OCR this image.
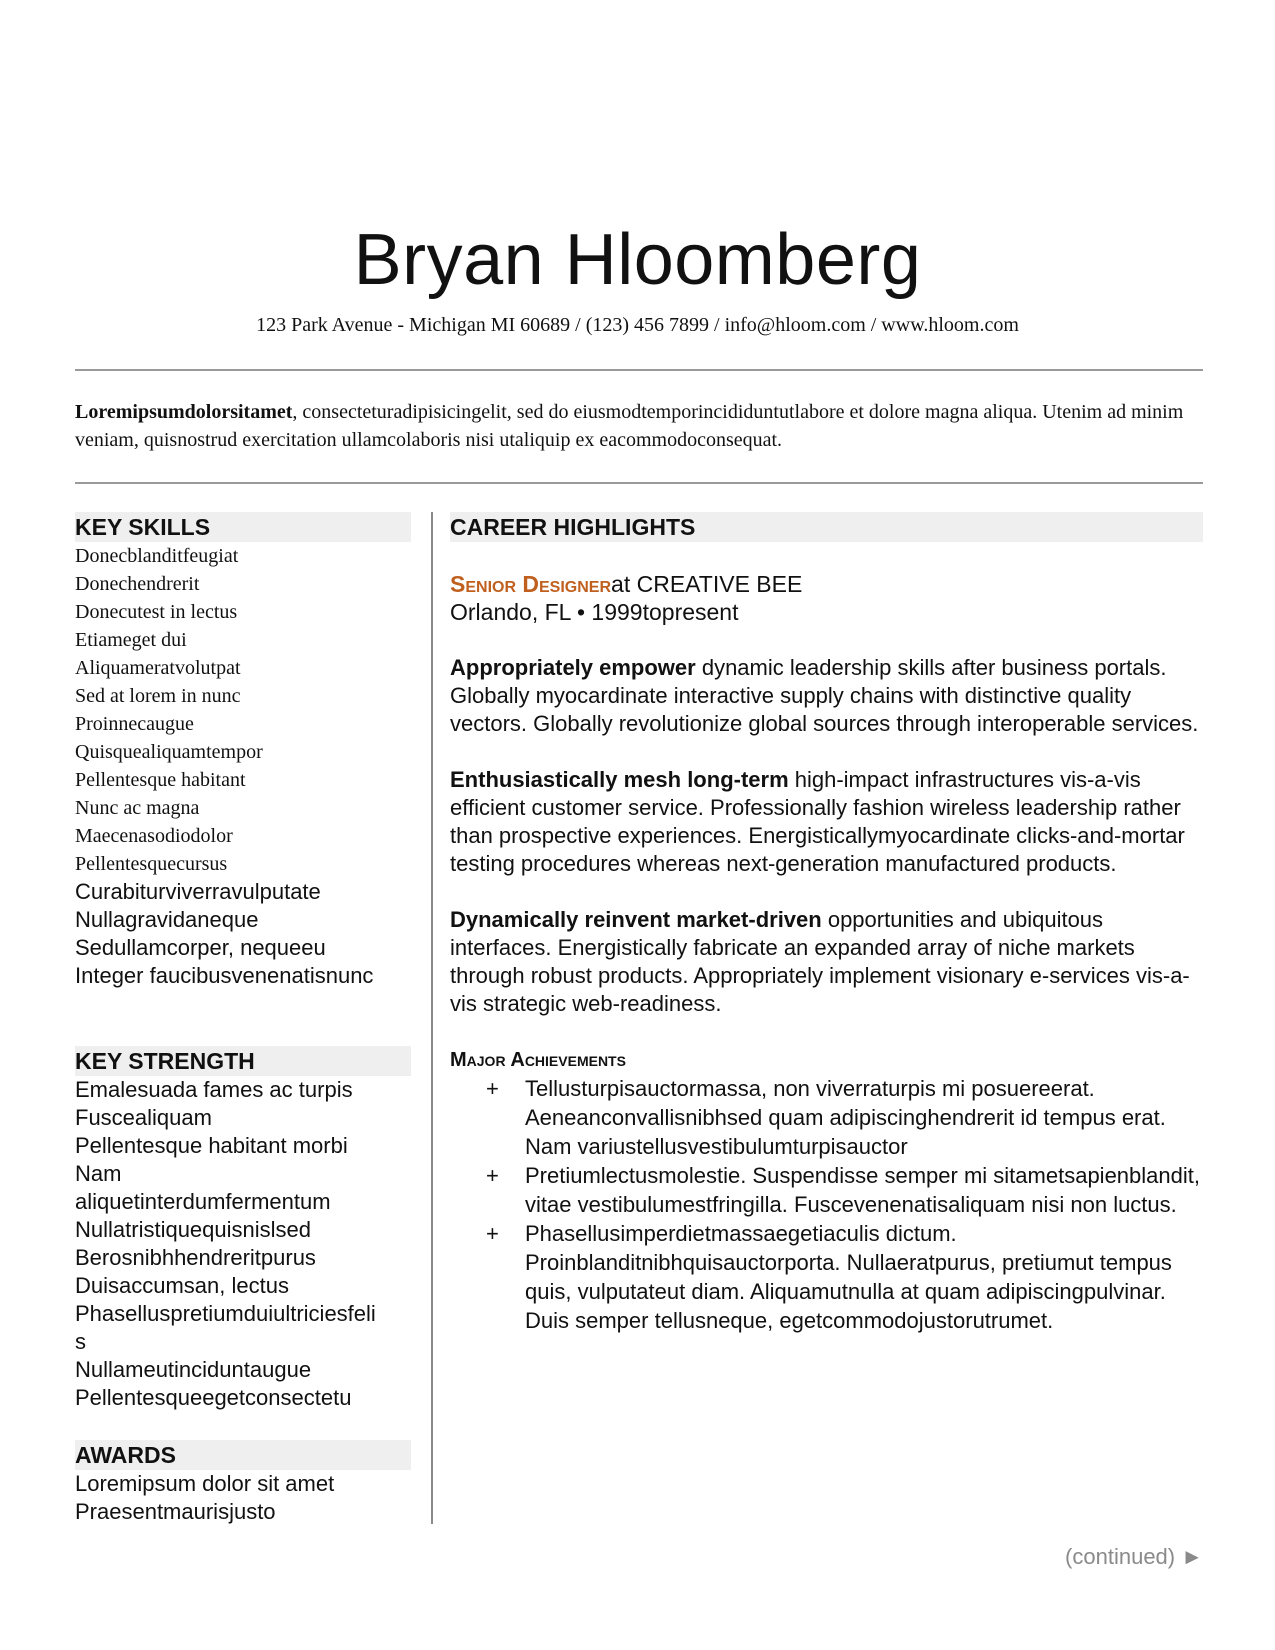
Bryan Hloomberg
123 Park Avenue - Michigan MI 60689 / (123) 456 7899 / info@hloom.com / www.hloom.com
Loremipsumdolorsitamet, consecteturadipisicingelit, sed do eiusmodtemporincididuntutlabore et dolore magna aliqua. Utenim ad minim veniam, quisnostrud exercitation ullamcolaboris nisi utaliquip ex eacommodoconsequat.
KEY SKILLS
Donecblanditfeugiat
Donechendrerit
Donecutest in lectus
Etiameget dui
Aliquameratvolutpat
Sed at lorem in nunc
Proinnecaugue
Quisquealiquamtempor
Pellentesque habitant
Nunc ac magna
Maecenasodiodolor
Pellentesquecursus
Curabiturviverravulputate
Nullagravidaneque
Sedullamcorper, nequeeu
Integer faucibusvenenatisnunc
KEY STRENGTH
Emalesuada fames ac turpis
Fuscealiquam
Pellentesque habitant morbi
Nam
aliquetinterdumfermentum
Nullatristiquequisnislsed
Berosnibhhendreritpurus
Duisaccumsan, lectus
Phaselluspretiumduiultriciesfeli
s
Nullameutinciduntaugue
Pellentesqueegetconsectetu
AWARDS
Loremipsum dolor sit amet
Praesentmaurisjusto
CAREER HIGHLIGHTS
Senior Designerat CREATIVE BEE
Orlando, FL • 1999topresent
Appropriately empower dynamic leadership skills after business portals. Globally myocardinate interactive supply chains with distinctive quality vectors. Globally revolutionize global sources through interoperable services.
Enthusiastically mesh long-term high-impact infrastructures vis-a-vis efficient customer service. Professionally fashion wireless leadership rather than prospective experiences. Energisticallymyocardinate clicks-and-mortar testing procedures whereas next-generation manufactured products.
Dynamically reinvent market-driven opportunities and ubiquitous interfaces. Energistically fabricate an expanded array of niche markets through robust products. Appropriately implement visionary e-services vis-a-vis strategic web-readiness.
Major Achievements
+ Tellusturpisauctormassa, non viverraturpis mi posuereerat. Aeneanconvallisnibhsed quam adipiscinghendrerit id tempus erat. Nam variustellusvestibulumturpisauctor
+ Pretiumlectusmolestie. Suspendisse semper mi sitametsapienblandit, vitae vestibulumestfringilla. Fuscevenenatisaliquam nisi non luctus.
+ Phasellusimperdietmassaegetiaculis dictum. Proinblanditnibhquisauctorporta. Nullaeratpurus, pretiumut tempus quis, vulputateut diam. Aliquamutnulla at quam adipiscingpulvinar. Duis semper tellusneque, egetcommodojustorutrumet.
(continued) ►
